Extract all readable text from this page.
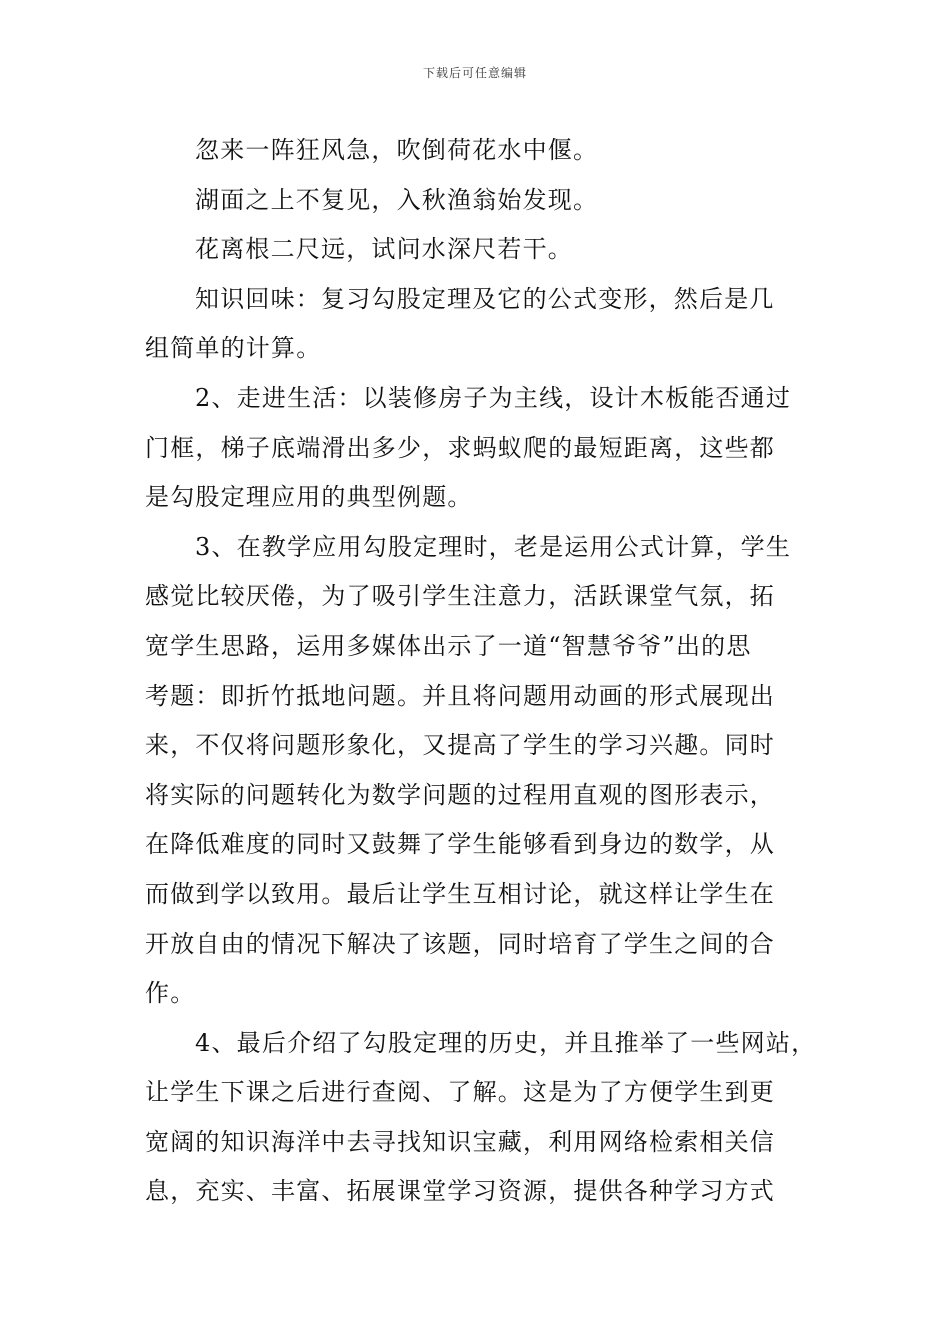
下载后可任意编辑

忽来一阵狂风急，吹倒荷花水中偃。

湖面之上不复见，入秋渔翁始发现。

花离根二尺远，试问水深尺若干。

知识回味：复习勾股定理及它的公式变形，然后是几

组简单的计算。

2、走进生活：以装修房子为主线，设计木板能否通过

门框，梯子底端滑出多少，求蚂蚁爬的最短距离，这些都

是勾股定理应用的典型例题。

3、在教学应用勾股定理时，老是运用公式计算，学生

感觉比较厌倦，为了吸引学生注意力，活跃课堂气氛，拓

宽学生思路，运用多媒体出示了一道“智慧爷爷”出的思

考题：即折竹抵地问题。并且将问题用动画的形式展现出

来，不仅将问题形象化，又提高了学生的学习兴趣。同时

将实际的问题转化为数学问题的过程用直观的图形表示，

在降低难度的同时又鼓舞了学生能够看到身边的数学，从

而做到学以致用。最后让学生互相讨论，就这样让学生在

开放自由的情况下解决了该题，同时培育了学生之间的合

作。

4、最后介绍了勾股定理的历史，并且推举了一些网站，

让学生下课之后进行查阅、了解。这是为了方便学生到更

宽阔的知识海洋中去寻找知识宝藏，利用网络检索相关信

息，充实、丰富、拓展课堂学习资源，提供各种学习方式
